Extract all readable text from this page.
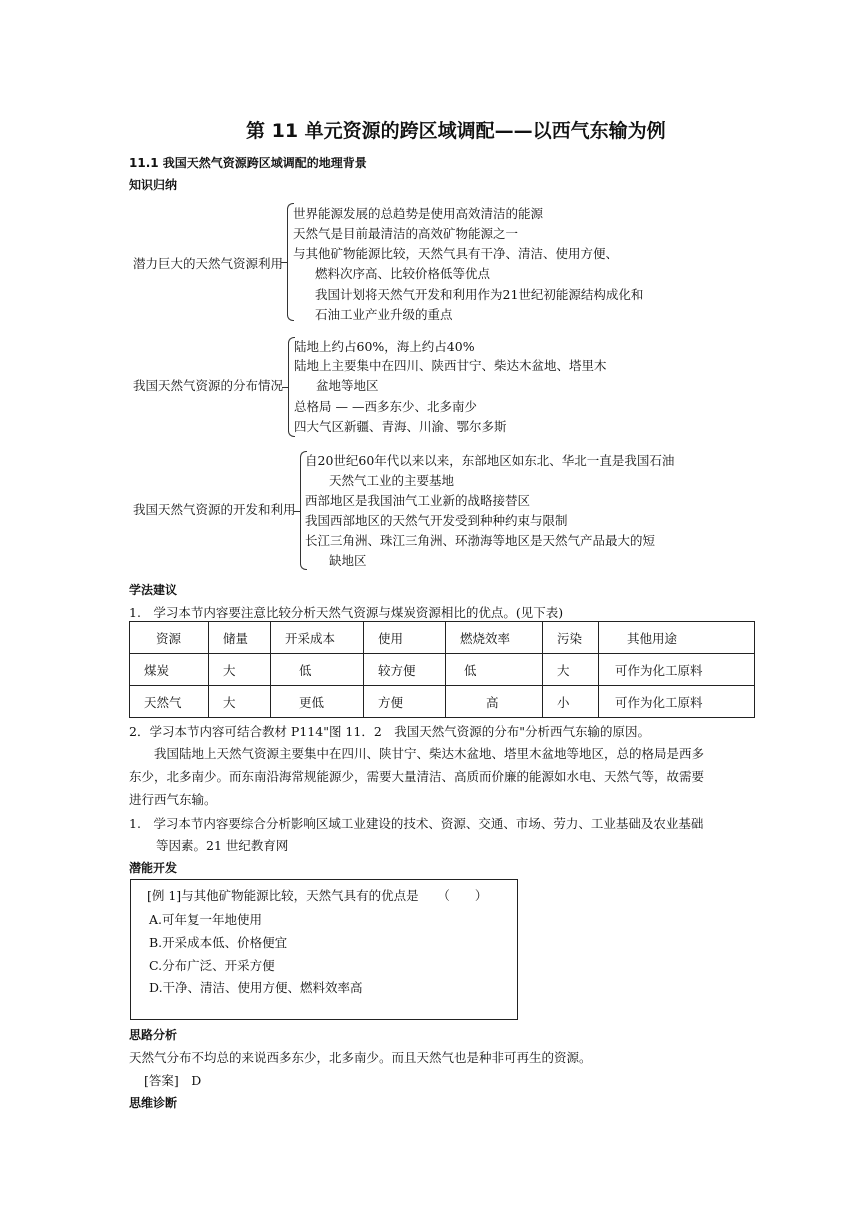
第 11 单元资源的跨区域调配——以西气东输为例
11.1 我国天然气资源跨区域调配的地理背景
知识归纳
潜力巨大的天然气资源利用
世界能源发展的总趋势是使用高效清洁的能源
天然气是目前最清洁的高效矿物能源之一
与其他矿物能源比较，天然气具有干净、清洁、使用方便、
燃料次序高、比较价格低等优点
我国计划将天然气开发和利用作为21世纪初能源结构成化和
石油工业产业升级的重点
我国天然气资源的分布情况
陆地上约占60%，海上约占40%
陆地上主要集中在四川、陕西甘宁、柴达木盆地、塔里木
盆地等地区
总格局 — —西多东少、北多南少
四大气区新疆、青海、川渝、鄂尔多斯
我国天然气资源的开发和利用
自20世纪60年代以来以来，东部地区如东北、华北一直是我国石油
天然气工业的主要基地
西部地区是我国油气工业新的战略接替区
我国西部地区的天然气开发受到种种约束与限制
长江三角洲、珠江三角洲、环渤海等地区是天然气产品最大的短
缺地区
学法建议
1.　学习本节内容要注意比较分析天然气资源与煤炭资源相比的优点。(见下表)
资源	储量	开采成本	使用	燃烧效率	污染	其他用途
煤炭	大	低	较方便	低	大	可作为化工原料
天然气	大	更低	方便	高	小	可作为化工原料
2．学习本节内容可结合教材 P114"图 11．2　我国天然气资源的分布"分析西气东输的原因。
我国陆地上天然气资源主要集中在四川、陕甘宁、柴达木盆地、塔里木盆地等地区，总的格局是西多
东少，北多南少。而东南沿海常规能源少，需要大量清洁、高质而价廉的能源如水电、天然气等，故需要
进行西气东输。
1.　学习本节内容要综合分析影响区域工业建设的技术、资源、交通、市场、劳力、工业基础及农业基础
等因素。21 世纪教育网
潜能开发
[例 1]与其他矿物能源比较，天然气具有的优点是　　（　　）
A.可年复一年地使用
B.开采成本低、价格便宜
C.分布广泛、开采方便
D.干净、清洁、使用方便、燃料效率高
思路分析
天然气分布不均总的来说西多东少，北多南少。而且天然气也是种非可再生的资源。
[答案]　D
思维诊断
